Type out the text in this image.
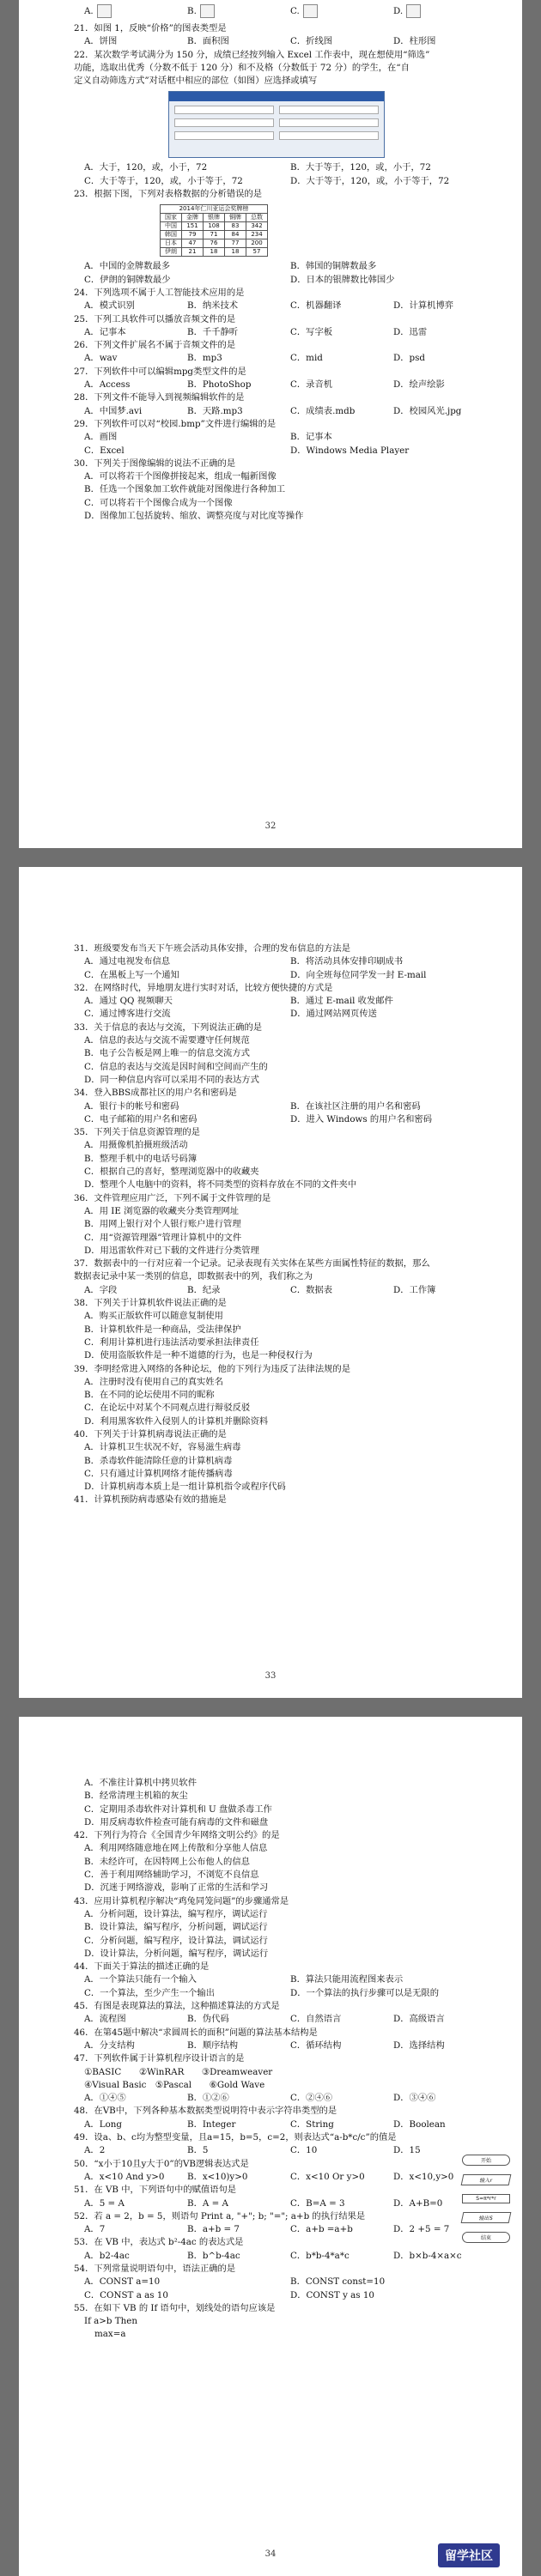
A.	B.	C.	D.
21．如图 1，反映“价格”的图表类型是
A．饼图	B．面积图	C．折线图	D．柱形图
22．某次数学考试满分为 150 分，成绩已经按列输入 Excel 工作表中，现在想使用“筛选”
功能，选取出优秀（分数不低于 120 分）和不及格（分数低于 72 分）的学生，在“自
定义自动筛选方式”对话框中相应的部位（如图）应选择或填写
A．大于，120，或，小于，72	B．大于等于，120，或，小于，72
C．大于等于，120，或，小于等于，72	D．大于等于，120，或，小于等于，72
23．根据下图，下列对表格数据的分析错误的是
2014年仁川亚运会奖牌榜				
国家	金牌	银牌	铜牌	总数
中国	151	108	83	342
韩国	79	71	84	234
日本	47	76	77	200
伊朗	21	18	18	57
A．中国的金牌数最多	B．韩国的铜牌数最多
C．伊朗的铜牌数最少	D．日本的银牌数比韩国少
24．下列选项不属于人工智能技术应用的是
A．模式识别	B．纳米技术	C．机器翻译	D．计算机博弈
25．下列工具软件可以播放音频文件的是
A．记事本	B．千千静听	C．写字板	D．迅雷
26．下列文件扩展名不属于音频文件的是
A．wav	B．mp3	C．mid	D．psd
27．下列软件中可以编辑mpg类型文件的是
A．Access	B．PhotoShop	C．录音机	D．绘声绘影
28．下列文件不能导入到视频编辑软件的是
A．中国梦.avi	B．天路.mp3	C．成绩表.mdb	D．校园风光.jpg
29．下列软件可以对“校园.bmp”文件进行编辑的是
A．画图	B．记事本
C．Excel	D．Windows Media Player
30．下列关于图像编辑的说法不正确的是
A．可以将若干个图像拼接起来，组成一幅新图像
B．任选一个图象加工软件就能对图像进行各种加工
C．可以将若干个图像合成为一个图像
D．图像加工包括旋转、缩放、调整亮度与对比度等操作
32
31．班级要发布当天下午班会活动具体安排，合理的发布信息的方法是
A．通过电视发布信息	B．将活动具体安排印刷成书
C．在黑板上写一个通知	D．向全班每位同学发一封 E-mail
32．在网络时代，异地朋友进行实时对话，比较方便快捷的方式是
A．通过 QQ 视频聊天	B．通过 E-mail 收发邮件
C．通过博客进行交流	D．通过网站网页传送
33．关于信息的表达与交流，下列说法正确的是
A．信息的表达与交流不需要遵守任何规范
B．电子公告板是网上唯一的信息交流方式
C．信息的表达与交流是因时间和空间而产生的
D．同一种信息内容可以采用不同的表达方式
34．登入BBS成都社区的用户名和密码是
A．银行卡的帐号和密码	B．在该社区注册的用户名和密码
C．电子邮箱的用户名和密码	D．进入 Windows 的用户名和密码
35．下列关于信息资源管理的是
A．用摄像机拍摄班级活动
B．整理手机中的电话号码簿
C．根据自己的喜好，整理浏览器中的收藏夹
D．整理个人电脑中的资料，将不同类型的资料存放在不同的文件夹中
36．文件管理应用广泛，下列不属于文件管理的是
A．用 IE 浏览器的收藏夹分类管理网址
B．用网上银行对个人银行账户进行管理
C．用“资源管理器”管理计算机中的文件
D．用迅雷软件对已下载的文件进行分类管理
37．数据表中的一行对应着一个记录。记录表现有关实体在某些方面属性特征的数据，那么
数据表记录中某一类别的信息，即数据表中的列，我们称之为
A．字段	B．纪录	C．数据表	D．工作簿
38．下列关于计算机软件说法正确的是
A．购买正版软件可以随意复制使用
B．计算机软件是一种商品，受法律保护
C．利用计算机进行违法活动要承担法律责任
D．使用盗版软件是一种不道德的行为，也是一种侵权行为
39．李明经常进入网络的各种论坛，他的下列行为违反了法律法规的是
A．注册时没有使用自己的真实姓名
B．在不同的论坛使用不同的昵称
C．在论坛中对某个不同观点进行辩驳反驳
D．利用黑客软件入侵别人的计算机并删除资料
40．下列关于计算机病毒说法正确的是
A．计算机卫生状况不好，容易滋生病毒
B．杀毒软件能清除任意的计算机病毒
C．只有通过计算机网络才能传播病毒
D．计算机病毒本质上是一组计算机指令或程序代码
41．计算机预防病毒感染有效的措施是
33
A．不准往计算机中拷贝软件
B．经常清理主机箱的灰尘
C．定期用杀毒软件对计算机和 U 盘做杀毒工作
D．用反病毒软件检查可能有病毒的文件和磁盘
42．下列行为符合《全国青少年网络文明公约》的是
A．利用网络随意地在网上传散和分享他人信息
B．未经许可，在因特网上公布他人的信息
C．善于利用网络辅助学习，不浏览不良信息
D．沉迷于网络游戏，影响了正常的生活和学习
43．应用计算机程序解决“鸡兔同笼问题”的步骤通常是
A．分析问题，设计算法，编写程序，调试运行
B．设计算法，编写程序，分析问题，调试运行
C．分析问题，编写程序，设计算法，调试运行
D．设计算法，分析问题，编写程序，调试运行
44．下面关于算法的描述正确的是
A．一个算法只能有一个输入	B．算法只能用流程图来表示
C．一个算法，至少产生一个输出	D．一个算法的执行步骤可以是无限的
45．有图是表现算法的算法，这种描述算法的方式是
A．流程图	B．伪代码	C．自然语言	D．高级语言
46．在第45题中解决“求圆周长的面积”问题的算法基本结构是
A．分支结构	B．顺序结构	C．循环结构	D．选择结构
47．下列软件属于计算机程序设计语言的是
①BASIC　　②WinRAR　　③Dreamweaver
④Visual Basic　⑤Pascal　　⑥Gold Wave
A．①④⑤	B．①②⑥	C．②④⑥	D．③④⑥
48．在VB中，下列各种基本数据类型说明符中表示字符串类型的是
A．Long	B．Integer	C．String	D．Boolean
49．设a、b、c均为整型变量，且a=15，b=5，c=2，则表达式“a-b*c/c”的值是
A．2	B．5	C．10	D．15
50．“x小于10且y大于0”的VB逻辑表达式是
A．x<10 And y>0	B．x<10)y>0	C．x<10 Or y>0	D．x<10,y>0
51．在 VB 中，下列语句中的赋值语句是
A．5 = A	B．A = A	C．B=A = 3	D．A+B=0
52．若 a = 2，b = 5，则语句 Print a, "+"; b; "="; a+b 的执行结果是
A．7	B．a+b = 7	C．a+b =a+b	D．2 +5 = 7
53．在 VB 中，表达式 b²-4ac 的表达式是
A．b2-4ac	B．b^b-4ac	C．b*b-4*a*c	D．b×b-4×a×c
54．下列常量说明语句中，语法正确的是
A．CONST a=10	B．CONST const=10
C．CONST a as 10	D．CONST y as 10
55．在如下 VB 的 If 语句中，划线处的语句应该是
If a>b Then
max=a
开始
输入r
S=π*r*r
输出S
结束
34	留学社区
